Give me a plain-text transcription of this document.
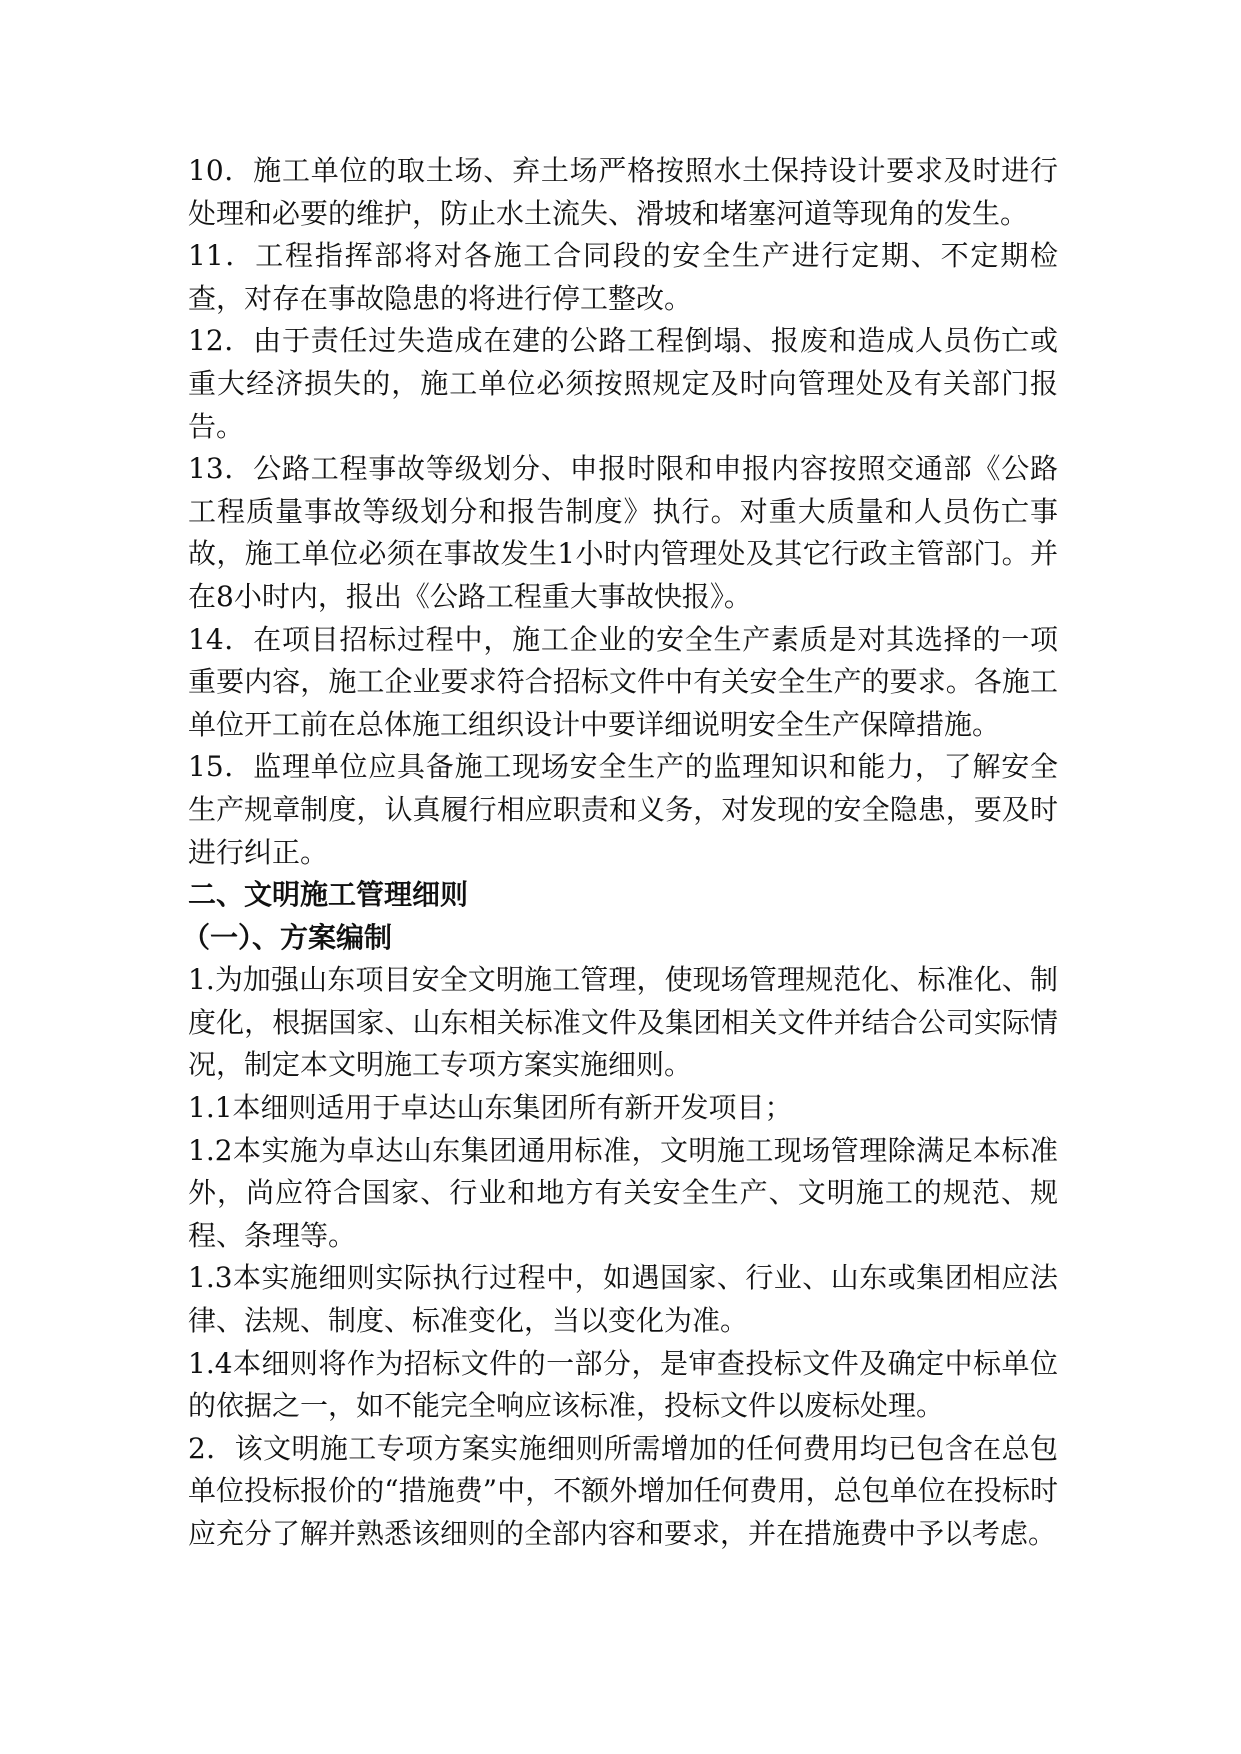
10．施工单位的取土场、弃土场严格按照水土保持设计要求及时进行处理和必要的维护，防止水土流失、滑坡和堵塞河道等现角的发生。

11．工程指挥部将对各施工合同段的安全生产进行定期、不定期检查，对存在事故隐患的将进行停工整改。

12．由于责任过失造成在建的公路工程倒塌、报废和造成人员伤亡或重大经济损失的，施工单位必须按照规定及时向管理处及有关部门报告。

13．公路工程事故等级划分、申报时限和申报内容按照交通部《公路工程质量事故等级划分和报告制度》执行。对重大质量和人员伤亡事故，施工单位必须在事故发生1小时内管理处及其它行政主管部门。并在8小时内，报出《公路工程重大事故快报》。

14．在项目招标过程中，施工企业的安全生产素质是对其选择的一项重要内容，施工企业要求符合招标文件中有关安全生产的要求。各施工单位开工前在总体施工组织设计中要详细说明安全生产保障措施。

15．监理单位应具备施工现场安全生产的监理知识和能力，了解安全生产规章制度，认真履行相应职责和义务，对发现的安全隐患，要及时进行纠正。

二、文明施工管理细则

（一）、方案编制

1.为加强山东项目安全文明施工管理，使现场管理规范化、标准化、制度化，根据国家、山东相关标准文件及集团相关文件并结合公司实际情况，制定本文明施工专项方案实施细则。

1.1本细则适用于卓达山东集团所有新开发项目；

1.2本实施为卓达山东集团通用标准，文明施工现场管理除满足本标准外，尚应符合国家、行业和地方有关安全生产、文明施工的规范、规程、条理等。

1.3本实施细则实际执行过程中，如遇国家、行业、山东或集团相应法律、法规、制度、标准变化，当以变化为准。

1.4本细则将作为招标文件的一部分，是审查投标文件及确定中标单位的依据之一，如不能完全响应该标准，投标文件以废标处理。

2．该文明施工专项方案实施细则所需增加的任何费用均已包含在总包单位投标报价的“措施费”中，不额外增加任何费用，总包单位在投标时应充分了解并熟悉该细则的全部内容和要求，并在措施费中予以考虑。
